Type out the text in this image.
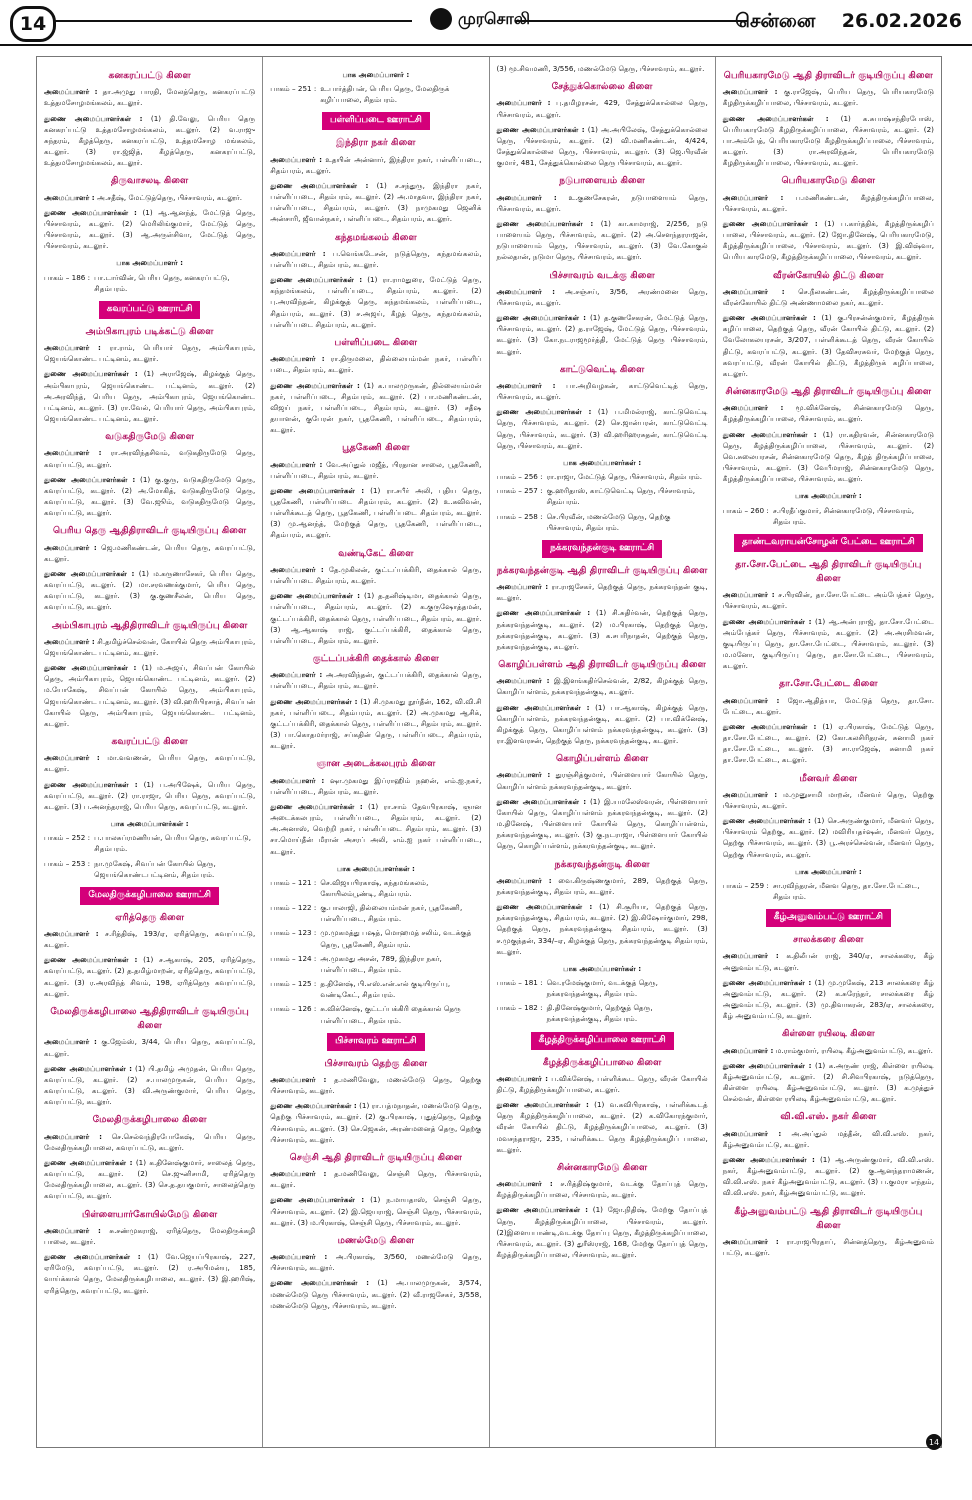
14	முரசொலி	சென்னை 26.02.2026
கனகரப்பட்டு கிளை

அமைப்பாளர் : தா.அமுது பாரதி, மேலத்தெரு, கனகரப்பட்டு உத்தமசோழமங்கலம், கடலூர்.

துணை அமைப்பாளர்கள் : (1) தி.வேலு, பெரிய தெரு கனகரப்பட்டு உத்தமசோழமங்கலம், கடலூர். (2) வ.ராஜு சுந்தரம், கீழத்தெரு, கனகரப்பட்டு, உத்தமசோழ மங்கலம், கடலூர். (3) ரா.ஜ்ஜித், கீழத்தெரு, கனகரப்பட்டு, உத்தமசோழமங்கலம், கடலூர்.

திருவாசலடி கிளை

அமைப்பாளர் : அ.சதீஷ், மேட்டுத்தெரு, பிச்சாவரம், கடலூர்.

துணை அமைப்பாளர்கள் : (1) ஆ.ஆனந்த், மேட்டுத் தெரு, பிச்சாவரம், கடலூர். (2) மெரிலிங்குமார், மேட்டுத் தெரு, பிச்சாவரம், கடலூர். (3) ஆ.அருள்சிவா, மேட்டுத் தெரு, பிச்சாவரம், கடலூர்.

பாக அமைப்பாளர் :
பாகம் – 186 : பா.டார்வின், பெரிய தெரு, கனகரப்பட்டு, சிதம்பரம்.
கவரப்பட்டு ஊராட்சி
அம்பிகாபுரம் படிக்கட்டு கிளை

அமைப்பாளர் : ரா.ராம், பெரியார் தெரு, அம்பிகாபுரம், ஜெயங்கொண்ட பட்டினம், கடலூர்.

துணை அமைப்பாளர்கள் : (1) அராஜேஷ், கிழக்குத் தெரு, அம்பிகாபுரம், ஜெயங்கொண்ட பட்டினம், கடலூர். (2) அ.அரவிந்த், பெரிய தெரு, அம்பிகாபுரம், ஜெயங்கொண்ட பட்டினம், கடலூர். (3) ரா.வேல், பெரியார் தெரு, அம்பிகாபுரம், ஜெயங்கொண்ட பட்டினம், கடலூர்.

வடுகதிருமேடு கிளை

அமைப்பாளர் : ரா.அரவிந்தசிவம், வடுகதிருமேடு தெரு, கவரப்பட்டு, கடலூர்.

துணை அமைப்பாளர்கள் : (1) கு.குரு, வடுகதிருமேடு தெரு, கவரப்பட்டு, கடலூர். (2) அ.மோகித், வடுகதிருமேடு தெரு, கவரப்பட்டு, கடலூர். (3) வே.ஜூம், வடுகதிருமேடு தெரு, கவரப்பட்டு, கடலூர்.

பெரிய தெரு ஆதிதிராவிடர் குடியிருப்பு கிளை

அமைப்பாளர் : ஜெ.மணிகண்டன், பெரிய தெரு, கவரப்பட்டு, கடலூர்.

துணை அமைப்பாளர்கள் : (1) ம.கருணாசேகர், பெரிய தெரு, கவரப்பட்டு, கடலூர். (2) மா.சரவணக்குமார், பெரிய தெரு, கவரப்பட்டு, கடலூர். (3) கு.குணசீலன், பெரிய தெரு, கவரப்பட்டு, கடலூர்.

அம்பிகாபுரம் ஆதிதிராவிடர் குடியிருப்பு கிளை

அமைப்பாளர் : சி.தமிழ்ச்செல்வன், கோயில் தெரு அம்பிகாபுரம், ஜெயங்கொண்ட பட்டினம், கடலூர்.

துணை அமைப்பாளர்கள் : (1) ம.அஜய், சிவப்பன் கோயில் தெரு, அம்பிகாபுரம், ஜெயங்கொண்ட பட்டினம், கடலூர். (2) ம.யோகேஷ், சிவப்பன் கோயில் தெரு, அம்பிகாபுரம், ஜெயங்கொண்ட பட்டினம், கடலூர். (3) வி.ஹரிபிரசாத், சிவப்பன் கோயில் தெரு, அம்பிகாபுரம், ஜெயங்கொண்ட பட்டினம், கடலூர்.

கவரப்பட்டு கிளை

அமைப்பாளர் : மா.வவணன், பெரிய தெரு, கவரப்பட்டு, கடலூர்.

துணை அமைப்பாளர்கள் : (1) ப.அபிஷேக், பெரிய தெரு, கவரப்பட்டு, கடலூர். (2) ரா.ராஜா, பெரிய தெரு, கவரப்பட்டு, கடலூர். (3) ப.அனந்தராஜ், பெரிய தெரு, கவரப்பட்டு, கடலூர்.

பாக அமைப்பாளர்கள் :
பாகம் – 252 : ப.பாலசுப்ரமணியன், பெரிய தெரு, கவரப்பட்டு, சிதம்பரம்.
பாகம் – 253 : நா.முகேஷ், சிவப்பன் கோயில் தெரு, ஜெயங்கொண்டபட்டினம், சிதம்பரம்.
மேலதிருக்கழிபாலை ஊராட்சி
ஏரித்தெரு கிளை

அமைப்பாளர் : ச.ரித்திஷ், 193/ஏ, ஏரித்தெரு, கவரப்பட்டு, கடலூர்.

துணை அமைப்பாளர்கள் : (1) ச.ஆகாஷ், 205, ஏரித்தெரு, கவரப்பட்டு, கடலூர். (2) த.தமிழ்மாறன், ஏரித்தெரு, கவரப்பட்டு, கடலூர். (3) ர.அரவிந்த் சிவம், 198, ஏரித்தெரு கவரப்பட்டு, கடலூர்.

மேலதிருக்கழிபாலை ஆதிதிராவிடர் குடியிருப்பு கிளை

அமைப்பாளர் : கு.ஜேம்ஸ், 3/44, பெரிய தெரு, கவரப்பட்டு, கடலூர்.

துணை அமைப்பாளர்கள் : (1) பி.தமிழ் அமுதன், பெரிய தெரு, கவரப்பட்டு, கடலூர். (2) ச.பாலமுருகன், பெரிய தெரு, கவரப்பட்டு, கடலூர். (3) வி.அருண்குமார், பெரிய தெரு, கவரப்பட்டு, கடலூர்.

மேலதிருக்கழிபாலை கிளை

அமைப்பாளர் : செ.செல்வந்திரபோகேஷ், பெரிய தெரு, மேலதிருக்கழிபாலை, கவரப்பட்டு, கடலூர்.

துணை அமைப்பாளர்கள் : (1) க.தினேஷ்குமார், சாலைத் தெரு, கவரப்பட்டு, கடலூர். (2) செ.ஜுனிசாமி, ஏரித்தெரு மேலதிருக்கழிபாலை, கடலூர். (3) செ.த.தயகுமார், சாலைத்தெரு கவரப்பட்டு, கடலூர்.

பிள்ளையார்கோயில்மேடு கிளை

அமைப்பாளர் : சு.சண்முகராஜ், ஏரித்தெரு, மேலதிருக்கழி பாலை, கடலூர்.

துணை அமைப்பாளர்கள் : (1) வே.ஜெயப்பிரகாஷ், 227, ஏரிமேடு, கவரப்பட்டு, கடலூர். (2) ர.அபிமன்யு, 185, வாய்க்கால் தெரு, மேலதிருக்கழிபாலை, கடலூர். (3) இ.ஹரிஷ், ஏரித்தெரு, கவரப்பட்டு, கடலூர்.

பாக அமைப்பாளர் :
பாகம் – 251 : உ.பார்த்திபன், பெரிய தெரு, மேலதிருக் கழிப்பாலை, சிதம்பரம்.
பள்ளிப்படை ஊராட்சி
இந்திரா நகர் கிளை

அமைப்பாளர் : உதயின் அன்னார், இந்திரா நகர், பள்ளிப்படை, சிதம்பரம், கடலூர்.

துணை அமைப்பாளர்கள் : (1) ச.சந்துரு, இந்திரா நகர், பள்ளிப்படை, சிதம்பரம், கடலூர். (2) அ.மாதவா, இந்திரா நகர், பள்ளிப்படை, சிதம்பரம், கடலூர். (3) நாமுகமது ஜெனிக் அன்சாரி, ஜீவான்நகர், பள்ளிப்படை, சிதம்பரம், கடலூர்.

கந்தமங்கலம் கிளை

அமைப்பாளர் : ப.வெங்கடேசன், நடுத்தெரு, கந்தமங்கலம், பள்ளிப்படை, சிதம்பரம், கடலூர்.

துணை அமைப்பாளர்கள் : (1) ரா.ராமதுரை, மேட்டுத் தெரு, கந்தமங்கலம், பள்ளிப்படை, சிதம்பரம், கடலூர். (2) பு.அரவிந்தன், கிழக்குத் தெரு, கந்தமங்கலம், பள்ளிப்படை, சிதம்பரம், கடலூர். (3) ச.அஜய், கீழத் தெரு, கந்தமங்கலம், பள்ளிப்படை சிதம்பரம், கடலூர்.

பள்ளிப்படை கிளை

அமைப்பாளர் : ரா.திருமலை, தில்லையம்மன் நகர், பள்ளிப் படை, சிதம்பரம், கடலூர்.

துணை அமைப்பாளர்கள் : (1) க.பாலமுருகன், தில்லையம்மன் நகர், பள்ளிப்படை, சிதம்பரம், கடலூர். (2) பா.மணிகண்டன், விஜய் நகர், பள்ளிப்படை, சிதம்பரம், கடலூர். (3) சதீஷ தயாளன், குபேரன் நகர், பூதகேணி, பள்ளிப்படை, சிதம்பரம், கடலூர்.

பூதகேணி கிளை

அமைப்பாளர் : வே.அப்துல் மஜீத், பிரதான சாலை, பூதகேணி, பள்ளிப்படை, சிதம்பரம், கடலூர்.

துணை அமைப்பாளர்கள் : (1) ரா.சபீர் அலி, புதிய தெரு, பூதகேணி, பள்ளிப்படை சிதம்பரம், கடலூர். (2) உ.கவிவன், பள்ளிக்கூடத் தெரு, பூதகேணி, பள்ளிப்படை சிதம்பரம், கடலூர். (3) மு.ஆனந்த், மேற்குத் தெரு, பூதகேணி, பள்ளிப்படை, சிதம்பரம், கடலூர்.

வண்டிகேட் கிளை

அமைப்பாளர் : தே.முகிலன், குட்டப்பக்கிரி, தைக்கால் தெரு, பள்ளிப்படை சிதம்பரம், கடலூர்.

துணை அமைப்பாளர்கள் : (1) த.தனிஷ்டிமா, தைக்கால் தெரு, பள்ளிப்படை, சிதம்பரம், கடலூர். (2) க.குருஷோத்தமன், குட்டப்பக்கிரி, தைக்கால் தெரு, பள்ளிப்படை, சிதம்பரம், கடலூர். (3) ஆ.ஆகாஷ் ராஜ், குட்டப்பக்கிரி, தைக்கால் தெரு, பள்ளிப்படை, சிதம்பரம், கடலூர்.

குட்டப்பக்கிரி தைக்கால் கிளை

அமைப்பாளர் : அ.அரவிந்தன், குட்டப்பக்கிரி, தைக்கால் தெரு, பள்ளிப்படை, சிதம்பரம், கடலூர்.

துணை அமைப்பாளர்கள் : (1) சி.முகமது நூர்தீன், 162, வி.வி.சி நகர், பள்ளிப்படை, சிதம்பரம், கடலூர். (2) அ.முகமது ஆசிக், குட்டப்பக்கிரி, தைக்கால் தெரு, பள்ளிப்படை, சிதம்பரம், கடலூர். (3) பா.கொதமர்ராஜ், சப்கதின் தெரு, பள்ளிப்படை, சிதம்பரம், கடலூர்.

ஞான அடைக்கலபுரம் கிளை

அமைப்பாளர் : ஷா.முகமது இப்ராஹிம் நஹன், எம்.ஐ.நகர், பள்ளிப்படை, சிதம்பரம், கடலூர்.

துணை அமைப்பாளர்கள் : (1) ரா.சாம் தேவபிரகாஷ், ஞான அடைக்கலபுரம், பள்ளிப்படை, சிதம்பரம், கடலூர். (2) அ.அனாஸ், வெற்றி நகர், பள்ளிப்படை சிதம்பரம், கடலூர். (3) சா.மொய்தீன் மீரான் அசரப் அலி, எம்.ஐ நகர் பள்ளிப்படை, கடலூர்.

பாக அமைப்பாளர்கள் :
பாகம் – 121 : செ.விஜயபிரகாஷ், கந்தமங்கலம், கோயிலம்பூண்டி, சிதம்பரம்.
பாகம் – 122 : கு.பாலாஜி, தில்லையம்மன் நகர், பூதகேணி, பள்ளிப்படை, சிதம்பரம்.
பாகம் – 123 : மு.முகமத்து பஷத், மொஹமத் சலிம், வடக்குத் தெரு, பூதகேணி, சிதம்பரம்.
பாகம் – 124 : அ.முகமது அசன், 789, இந்திரா நகர், பள்ளிப்படை, சிதம்பரம்.
பாகம் – 125 : த.தினேஷ், பி.எஸ்.என்.எல் குடியிருப்பு, வண்டிகேட், சிதம்பரம்.
பாகம் – 126 : சு.விக்னேஷ், குட்டப்பக்கிரி தைக்கால் தெரு பள்ளிப்படை, சிதம்பரம்.
பிச்சாவரம் ஊராட்சி
பிச்சாவரம் தெற்கு கிளை

அமைப்பாளர் : த.மணிவேலு, மணல்மேடு தெரு, தெற்கு பிச்சாவரம், கடலூர்.

துணை அமைப்பாளர்கள் : (1) ரா.பத்மநாதன், மணல்மேடு தெரு, தெற்கு பிச்சாவரம், கடலூர். (2) கு.பிரகாஷ், புதுத்தெரு, தெற்கு பிச்சாவரம், கடலூர். (3) செ.ஜெகன், அரண்மனைத் தெரு, தெற்கு பிச்சாவரம், கடலூர்.

செஞ்சி ஆதி திராவிடர் குடியிருப்பு கிளை

அமைப்பாளர் : த.மணிவேலு, செஞ்சி தெரு, பிச்சாவரம், கடலூர்.

துணை அமைப்பாளர்கள் : (1) ந.மாயதாஸ், செஞ்சி தெரு, பிச்சாவரம், கடலூர். (2) இ.ஜெயராஜ், செஞ்சி தெரு, பிச்சாவரம், கடலூர். (3) ம.பிரகாஷ், செஞ்சி தெரு, பிச்சாவரம், கடலூர்.

மணல்மேடு கிளை

அமைப்பாளர் : அ.பிரகாஷ், 3/560, மணல்மேடு தெரு, பிச்சாவரம், கடலூர்.

துணை அமைப்பாளர்கள் : (1) அ.பாலமுருகன், 3/574, மணல்மேடு தெரு பிச்சாவரம், கடலூர். (2) வீ.ராஜசேகர், 3/558, மணல்மேடு தெரு, பிச்சாவரம், கடலூர்.

(3) மூ.சிவமணி, 3/556, மணல்மேடு தெரு, பிச்சாவரம், கடலூர்.

சேத்துக்கொல்லை கிளை

அமைப்பாளர் : பு.தமிழரசன், 429, சேத்துக்கொல்லை தெரு, பிச்சாவரம், கடலூர்.

துணை அமைப்பாளர்கள் : (1) அ.அபிலேஷ், சேத்துக்கொல்லை தெரு, பிச்சாவரம், கடலூர். (2) வி.மணிகண்டன், 4/424, சேத்துக்கொல்லை தெரு, பிச்சாவரம், கடலூர். (3) ஜெ.பிரவீன் குமார், 481, சேத்துக்கொல்லை தெரு பிச்சாவரம், கடலூர்.

நடுபாளையம் கிளை

அமைப்பாளர் : உ.குணசேகரன், நடுபாளையம் தெரு, பிச்சாவரம், கடலூர்.

துணை அமைப்பாளர்கள் : (1) கா.காமராஜ், 2/256, நடு பாளையம் தெரு, பிச்சாவரம், கடலூர். (2) அ.சௌந்தரராஜன், நடுபாளையம் தெரு, பிச்சாவரம், கடலூர். (3) வே.கோகுல் நல்லதான், நடுமா தெரு, பிச்சாவரம், கடலூர்.

பிச்சாவரம் வடக்கு கிளை

அமைப்பாளர் : அ.சஞ்சய், 3/56, அரண்மனை தெரு, பிச்சாவரம், கடலூர்.

துணை அமைப்பாளர்கள் : (1) த.குணசேகரன், மேட்டுத் தெரு, பிச்சாவரம், கடலூர். (2) த.ராஜேஷ், மேட்டுத் தெரு, பிச்சாவரம், கடலூர். (3) கோ.நடராஜமூர்த்தி, மேட்டுத் தெரு பிச்சாவரம், கடலூர்.

காட்டுவெட்டி கிளை

அமைப்பாளர் : பா.அறிவழகன், காட்டுவெட்டித் தெரு, பிச்சாவரம், கடலூர்.

துணை அமைப்பாளர்கள் : (1) ப.மிமல்ராஜ், காட்டுவெட்டி தெரு, பிச்சாவரம், கடலூர். (2) செ.ஜான்பரன், காட்டுவெட்டி தெரு, பிச்சாவரம், கடலூர். (3) வி.ஹரிஹரசுதன், காட்டுவெட்டி தெரு, பிச்சாவரம், கடலூர்.

பாக அமைப்பாளர்கள் :
பாகம் – 256 : ரா.ராஜா, மேட்டுத் தெரு, பிச்சாவரம், சிதம்பரம்.
பாகம் – 257 : கு.ஹரிதாஸ், காட்டுவெட்டி தெரு, பிச்சாவரம், சிதம்பரம்.
பாகம் – 258 : செ.பிரவீன், மணல்மேடு தெரு, தெற்கு பிச்சாவரம், சிதம்பரம்.
நக்கரவந்தன்குடி ஊராட்சி
நக்கரவந்தன்குடி ஆதி திராவிடர் குடியிருப்பு கிளை

அமைப்பாளர் : ரா.ராஜசேகர், தெற்குத் தெரு, நக்கரவந்தன் குடி, கடலூர்.

துணை அமைப்பாளர்கள் : (1) சி.சுதிர்வன், தெற்குத் தெரு, நக்கரவந்தன்குடி, கடலூர். (2) ம.பிரகாஷ், தெற்குத் தெரு, நக்கரவந்தன்குடி, கடலூர். (3) க.சபரிநாதன், தெற்குத் தெரு, நக்கரவந்தன்குடி, கடலூர்.

கொழிப்பள்ளம் ஆதி திராவிடர் குடியிருப்பு கிளை

அமைப்பாளர் : இ.இளங்கதிர்செல்வன், 2/82, கிழக்குத் தெரு, கொழிப்பள்ளம், நக்கரவந்தன்குடி, கடலூர்.

துணை அமைப்பாளர்கள் : (1) பா.ஆகாஷ், கிழக்குத் தெரு, கொழிப்பள்ளம், நக்கரவந்தன்குடி, கடலூர். (2) பா.விக்னேஷ், கிழக்குத் தெரு, கொழிப்பள்ளம் நக்கரவந்தன்குடி, கடலூர். (3) ரா.இளவரசன், தெற்குத் தெரு, நக்கரவந்தன்குடி, கடலூர்.

கொழிப்பள்ளம் கிளை

அமைப்பாளர் : துரஞ்சித்குமார், பிள்ளையார் கோயில் தெரு, கொழிப்பள்ளம் நக்கரவந்தன்குடி, கடலூர்.

துணை அமைப்பாளர்கள் : (1) இ.யமலேஸ்வரன், பிள்ளையார் கோயில் தெரு, கொழிப்பள்ளம் நக்கரவந்தன்குடி, கடலூர். (2) ம.தினேஷ், பிள்ளையார் கோயில் தெரு, கொழிப்பள்ளம், நக்கரவந்தன்குடி, கடலூர். (3) கு.நடராஜா, பிள்ளையார் கோயில் தெரு, கொழிப்பள்ளம், நக்கரவந்தன்குடி, கடலூர்.

நக்கரவந்தன்குடி கிளை

அமைப்பாளர் : வை.கிருஷ்ணகுமார், 289, தெற்குத் தெரு, நக்கரவந்தன்குடி, சிதம்பரம், கடலூர்.

துணை அமைப்பாளர்கள் : (1) சி.சூரியா, தெற்குத் தெரு, நக்கரவந்தன்குடி, சிதம்பரம், கடலூர். (2) இ.கிஷோர்குமார், 298, தெற்குத் தெரு, நக்கரவந்தன்குடி சிதம்பரம், கடலூர். (3) ச.முகுந்தன், 334/–ஏ, கிழக்குத் தெரு, நக்கரவந்தன்குடி சிதம்பரம், கடலூர்.

பாக அமைப்பாளர்கள் :
பாகம் – 181 : வெ.ரமேஷ்குமார், வடக்குத் தெரு, நக்கரவந்தன்குடி, சிதம்பரம்.
பாகம் – 182 : தி.தினேஷ்குமார், தெற்குத் தெரு, நக்கரவந்தன்குடி, சிதம்பரம்.
கீழத்திருக்கழிப்பாலை ஊராட்சி
கீழத்திருக்கழிப்பாலை கிளை

அமைப்பாளர் : ப.விக்னேஷ், பள்ளிக்கூட தெரு, வீரன் கோயில் திட்டு, கீழத்திருக்கழிப்பாலை, கடலூர்.

துணை அமைப்பாளர்கள் : (1) வ.கவிபிரகாஷ், பள்ளிக்கூடத் தெரு கீழத்திருக்கழிப்பாலை, கடலூர். (2) க.விகோரந்குமார், வீரன் கோயில் திட்டு, கீழத்திருக்கழிப்பாலை, கடலூர். (3) மவசந்தராஜா, 235, பள்ளிக்கூட தெரு கீழத்திருக்கழிப் பாலை, கடலூர்.

சின்னகாரமேடு கிளை

அமைப்பாளர் : ச.ரித்திஷ்குமார், வடக்கு தோப்புத் தெரு, கீழத்திருக்கழிப்பாலை, பிச்சாவரம், கடலூர்.

துணை அமைப்பாளர்கள் : (1) ஜோ.நிதிஷ், மேற்கு தோப்புத் தெரு, கீழத்திருக்கழிப்பாலை, பிச்சாவரம், கடலூர். (2)இளையபாண்டி,வடக்கு தோப்பு தெரு, கீழத்திருக்கழிப்பாலை, பிச்சாவரம், கடலூர். (3) துரீஸ்ராஜ், 168, மேற்கு தோப்புத் தெரு, கீழத்திருக்கழிப்பாலை, பிச்சாவரம், கடலூர்.

பெரியகாரமேடு ஆதி திராவிடர் குடியிருப்பு கிளை

அமைப்பாளர் : கு.ராஜேஷ், பெரிய தெரு, பெரியகாரமேடு கீழதிருக்கழிப்பாலை, பிச்சாவரம், கடலூர்.

துணை அமைப்பாளர்கள் : (1) க.சுபாஷ்சந்திரபோஸ், பெரியகாரமேடு கீழதிருக்கழிப்பாலை, பிச்சாவரம், கடலூர். (2) பா.அம்பேத், பெரியகாரமேடு கீழதிருக்கழிப்பாலை, பிச்சாவரம், கடலூர். (3) ரா.அரவிந்தன், பெரியகாரமேடு கீழதிருக்கழிப்பாலை, பிச்சாவரம், கடலூர்.

பெரியகாரமேடு கிளை

அமைப்பாளர் : ப.மணிகண்டன், கீழத்திருக்கழிப்பாலை, பிச்சாவரம், கடலூர்.

துணை அமைப்பாளர்கள் : (1) ப.கார்த்திக், கீழத்திருக்கழிப் பாலை, பிச்சாவரம், கடலூர். (2) ஜோ.தினேஷ், பெரியகாரமேடு, கீழத்திருக்கழிப்பாலை, பிச்சாவரம், கடலூர். (3) இ.விஷ்வா, பெரிய காரமேடு, கீழத்திருக்கழிப்பாலை, பிச்சாவரம், கடலூர்.

வீரன்கோயில் திட்டு கிளை

அமைப்பாளர் : செ.நீலகண்டன், கீழத்திருக்கழிப்பாலை வீரன்கோயில் திட்டு அண்ணாமலை நகர், கடலூர்.

துணை அமைப்பாளர்கள் : (1) கு.பிரசன்ன்குமார், கீழத்திருக் கழிப்பாலை, தெற்குத் தெரு, வீரன் கோயில் திட்டு, கடலூர். (2) வேலோகலயரசன், 3/207, பள்ளிக்கூடத் தெரு, வீரன் கோயில் திட்டு, கவரப்பட்டு, கடலூர். (3) தேவிசரசுவர், மேற்குத் தெரு, கவரப்பட்டு, வீரன் கோயில் திட்டு, கீழத்திருக் கழிப்பாலை, கடலூர்.

சின்னகாரமேடு ஆதி திராவிடர் குடியிருப்பு கிளை

அமைப்பாளர் : மூ.விக்னேஷ், சின்னகாரமேடு தெரு, கீழத்திருக்கழிப்பாலை, பிச்சாவரம், கடலூர்.

துணை அமைப்பாளர்கள் : (1) ரா.கதிரவன், சின்னகாரமேடு தெரு, கீழத்திருக்கழிப்பாலை, பிச்சாவரம், கடலூர். (2) வெ.சுலையரசன், சின்னகாரமேடு தெரு, கீழத் திருக்கழிப்பாலை, பிச்சாவரம், கடலூர். (3) வேபீமராஜ், சின்னகாரமேடு தெரு, கீழத்திருக்கழிப்பாலை, பிச்சாவரம், கடலூர்.

பாக அமைப்பாளர் :
பாகம் – 260 : ச.பிரதீப்குமார், சின்னகாரமேடு, பிச்சாவரம், சிதம்பரம்.
தாண்டவராயன்சோழன் பேட்டை ஊராட்சி
தா.சோ.பேட்டை ஆதி திராவிடர் குடியிருப்பு கிளை

அமைப்பாளர் : ச.பிரவின், தா.சோ.பேட்டை அம்பேத்கர் தெரு, பிச்சாவரம், கடலூர்.

துணை அமைப்பாளர்கள் : (1) ஆ.அன்புராஜ், தா.சோ.பேட்டை அம்பேத்கர் தெரு, பிச்சாவரம், கடலூர். (2) அ.அரசிமவன், குடியிருப்பு தெரு, தா.சோ.பேட்டை, பிச்சாவரம், கடலூர். (3) ம.மனோ, குடியிருப்பு தெரு, தா.சோ.பேட்டை, பிச்சாவரம், கடலூர்.

தா.சோ.பேட்டை கிளை

அமைப்பாளர் : ஜோ.ஆதித்யா, மேட்டுத் தெரு, தா.சோ. பேட்டை, கடலூர்.

துணை அமைப்பாளர்கள் : (1) ஏ.பிரகாஷ், மேட்டுத் தெரு, தா.சோ.பேட்டை, கடலூர். (2) கோ.கலசிரிதரன், சுனாமி நகர் தா.சோ.பேட்டை, கடலூர். (3) சா.ராஜேஷ், சுனாமி நகர் தா.சோ.பேட்டை, கடலூர்.

மீனவர் கிளை

அமைப்பாளர் : ம.முனுசாமி மாறன், மீனவர் தெரு, தெற்கு பிச்சாவரம், கடலூர்.

துணை அமைப்பாளர்கள் : (1) செ.அருண்குமார், மீனவர் தெரு, பிச்சாவரம் தெற்கு, கடலூர். (2) மவிரியதர்ஷன், மீனவர் தெரு, தெற்கு பிச்சாவரம், கடலூர். (3) பூ.அரச்செல்வன், மீனவர் தெரு, தெற்கு பிச்சாவரம், கடலூர்.

பாக அமைப்பாளர் :
பாகம் – 259 : சா.ரவிந்தரன், மீனவ தெரு, தா.சோ.பேட்டை, சிதம்பரம்.
கீழ்அனுவம்பட்டு ஊராட்சி
சாலக்கரை கிளை

அமைப்பாளர் : க.திலீபன் ராஜ், 340/ஏ, சாலக்கரை, கீழ் அனுவம்பட்டு, கடலூர்.

துணை அமைப்பாளர்கள் : (1) மு.முகேஷ், 213 சாலக்கரை கீழ் அனுவம்பட்டு, கடலூர். (2) க.சுரேந்தர், சாலக்கரை கீழ் அனுவம்பட்டு, கடலூர். (3) மு.திவாகரன், 283/ஏ, சாலக்கரை, கீழ் அனுவம்பட்டு, கடலூர்.

கிள்ளை ரயிலடி கிளை

அமைப்பாளர் : ம.ராம்குமார், ரயிலடி கீழ்அனுவம்பட்டு, கடலூர்.

துணை அமைப்பாளர்கள் : (1) க.அருண் ராஜ், கிள்ளை ரயிலடி கீழ்அனுவம்பட்டு, கடலூர். (2) சி.சிவபிரகாஷ், நடுத்தெரு, கிள்ளை ரயிலடி கீழ்அனுவம்பட்டு, கடலூர். (3) க.முத்துச் செல்வன், கிள்ளை ரயிலடி கீழ்அனுவம்பட்டு, கடலூர்.

வி.வி.எஸ். நகர் கிளை

அமைப்பாளர் : அ.அப்துல் மத்தீன், வி.வி.எஸ். நகர், கீழ்அனுவம்பட்டு, கடலூர்.

துணை அமைப்பாளர்கள் : (1) ஆ.அருண்குமார், வி.வி.எஸ். நகர், கீழ்அனுவம்பட்டு, கடலூர். (2) கு.ஆனந்தராமணன், வி.வி.எஸ். நகர் கீழ்அனுவம்பட்டு, கடலூர். (3) ப.குமரா எந்தம், வி.வி.எஸ். நகர், கீழ்அனுவம்பட்டு, கடலூர்.

கீழ்அனுவம்பட்டு ஆதி திராவிடர் குடியிருப்பு கிளை

அமைப்பாளர் : ரா.ராஜபிரதாப், சின்னத்தெரு, கீழ்அனுவம் பட்டு, கடலூர்.

14
